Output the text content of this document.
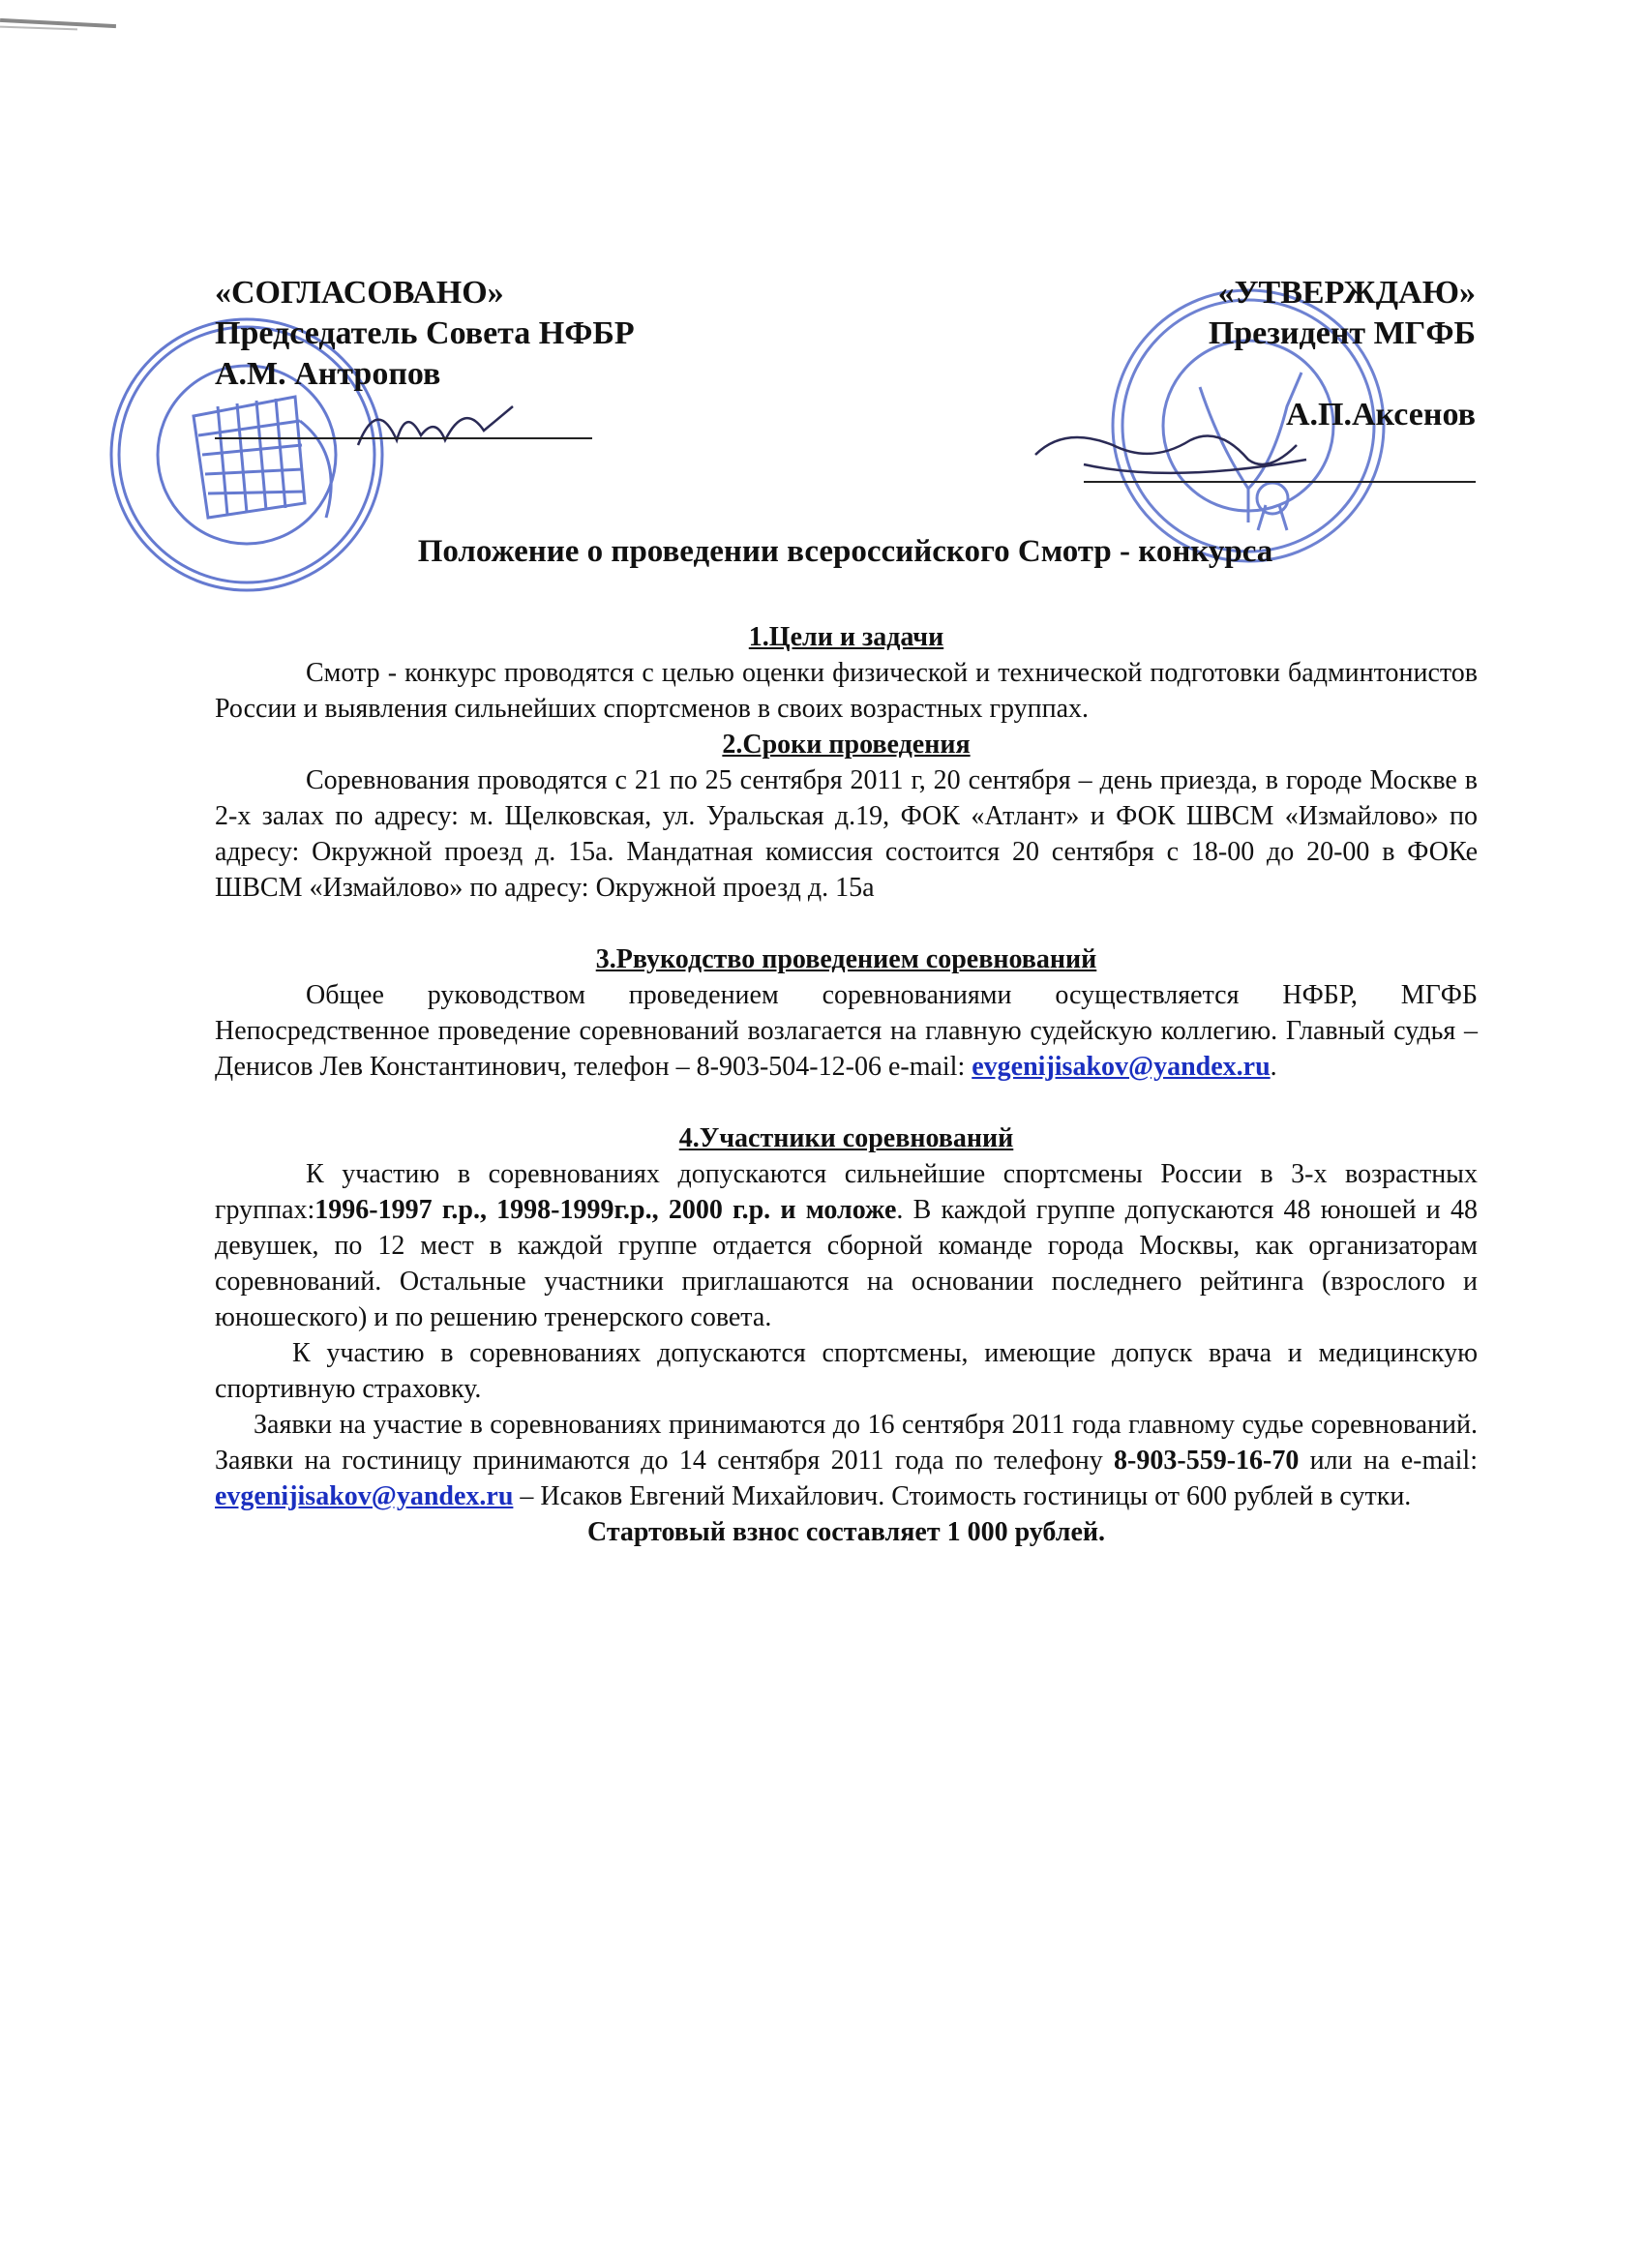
«СОГЛАСОВАНО»
Председатель Совета НФБР
А.М. Антропов
«УТВЕРЖДАЮ»
Президент МГФБ
А.П.Аксенов
Положение о проведении всероссийского Смотр - конкурса
1.Цели и задачи

Смотр - конкурс проводятся с целью оценки физической и технической подготовки бадминтонистов России и выявления сильнейших спортсменов в своих возрастных группах.

2.Сроки проведения

Соревнования проводятся с 21 по 25 сентября 2011 г, 20 сентября – день приезда, в городе Москве в 2-х залах по адресу: м. Щелковская, ул. Уральская д.19, ФОК «Атлант» и ФОК ШВСМ «Измайлово» по адресу: Окружной проезд д. 15а. Мандатная комиссия состоится 20 сентября с 18-00 до 20-00 в ФОКе ШВСМ «Измайлово» по адресу: Окружной проезд д. 15а

3.Рвукодство проведением соревнований

Общее руководством проведением соревнованиями осуществляется НФБР, МГФБ Непосредственное проведение соревнований возлагается на главную судейскую коллегию. Главный судья – Денисов Лев Константинович, телефон – 8-903-504-12-06 e-mail: evgenijisakov@yandex.ru.

4.Участники соревнований

К участию в соревнованиях допускаются сильнейшие спортсмены России в 3-х возрастных группах:1996-1997 г.р., 1998-1999г.р., 2000 г.р. и моложе. В каждой группе допускаются 48 юношей и 48 девушек, по 12 мест в каждой группе отдается сборной команде города Москвы, как организаторам соревнований. Остальные участники приглашаются на основании последнего рейтинга (взрослого и юношеского) и по решению тренерского совета.

К участию в соревнованиях допускаются спортсмены, имеющие допуск врача и медицинскую спортивную страховку.

Заявки на участие в соревнованиях принимаются до 16 сентября 2011 года главному судье соревнований. Заявки на гостиницу принимаются до 14 сентября 2011 года по телефону 8-903-559-16-70 или на e-mail: evgenijisakov@yandex.ru – Исаков Евгений Михайлович. Стоимость гостиницы от 600 рублей в сутки.

Стартовый взнос составляет 1 000 рублей.
